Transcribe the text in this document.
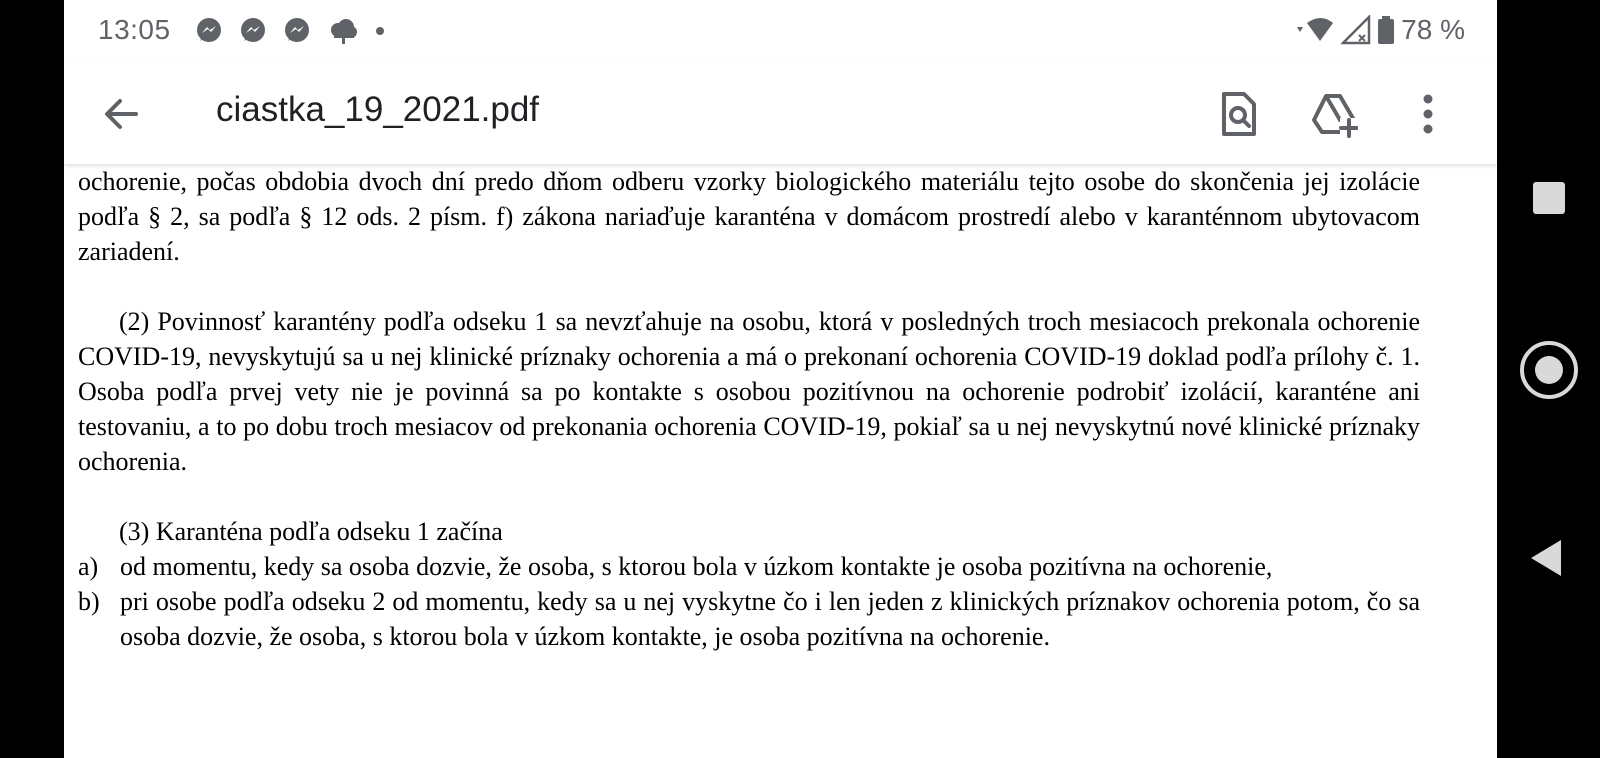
13:05	78 %
ciastka_19_2021.pdf

ochorenie, počas obdobia dvoch dní predo dňom odberu vzorky biologického materiálu tejto osobe do skončenia jej izolácie podľa § 2, sa podľa § 12 ods. 2 písm. f) zákona nariaďuje karanténa v domácom prostredí alebo v karanténnom ubytovacom zariadení.

(2) Povinnosť karantény podľa odseku 1 sa nevzťahuje na osobu, ktorá v posledných troch mesiacoch prekonala ochorenie COVID-19, nevyskytujú sa u nej klinické príznaky ochorenia a má o prekonaní ochorenia COVID-19 doklad podľa prílohy č. 1. Osoba podľa prvej vety nie je povinná sa po kontakte s osobou pozitívnou na ochorenie podrobiť izolácií, karanténe ani testovaniu, a to po dobu troch mesiacov od prekonania ochorenia COVID-19, pokiaľ sa u nej nevyskytnú nové klinické príznaky ochorenia.

(3) Karanténa podľa odseku 1 začína

a) od momentu, kedy sa osoba dozvie, že osoba, s ktorou bola v úzkom kontakte je osoba pozitívna na ochorenie,
b) pri osobe podľa odseku 2 od momentu, kedy sa u nej vyskytne čo i len jeden z klinických príznakov ochorenia potom, čo sa osoba dozvie, že osoba, s ktorou bola v úzkom kontakte, je osoba pozitívna na ochorenie.
